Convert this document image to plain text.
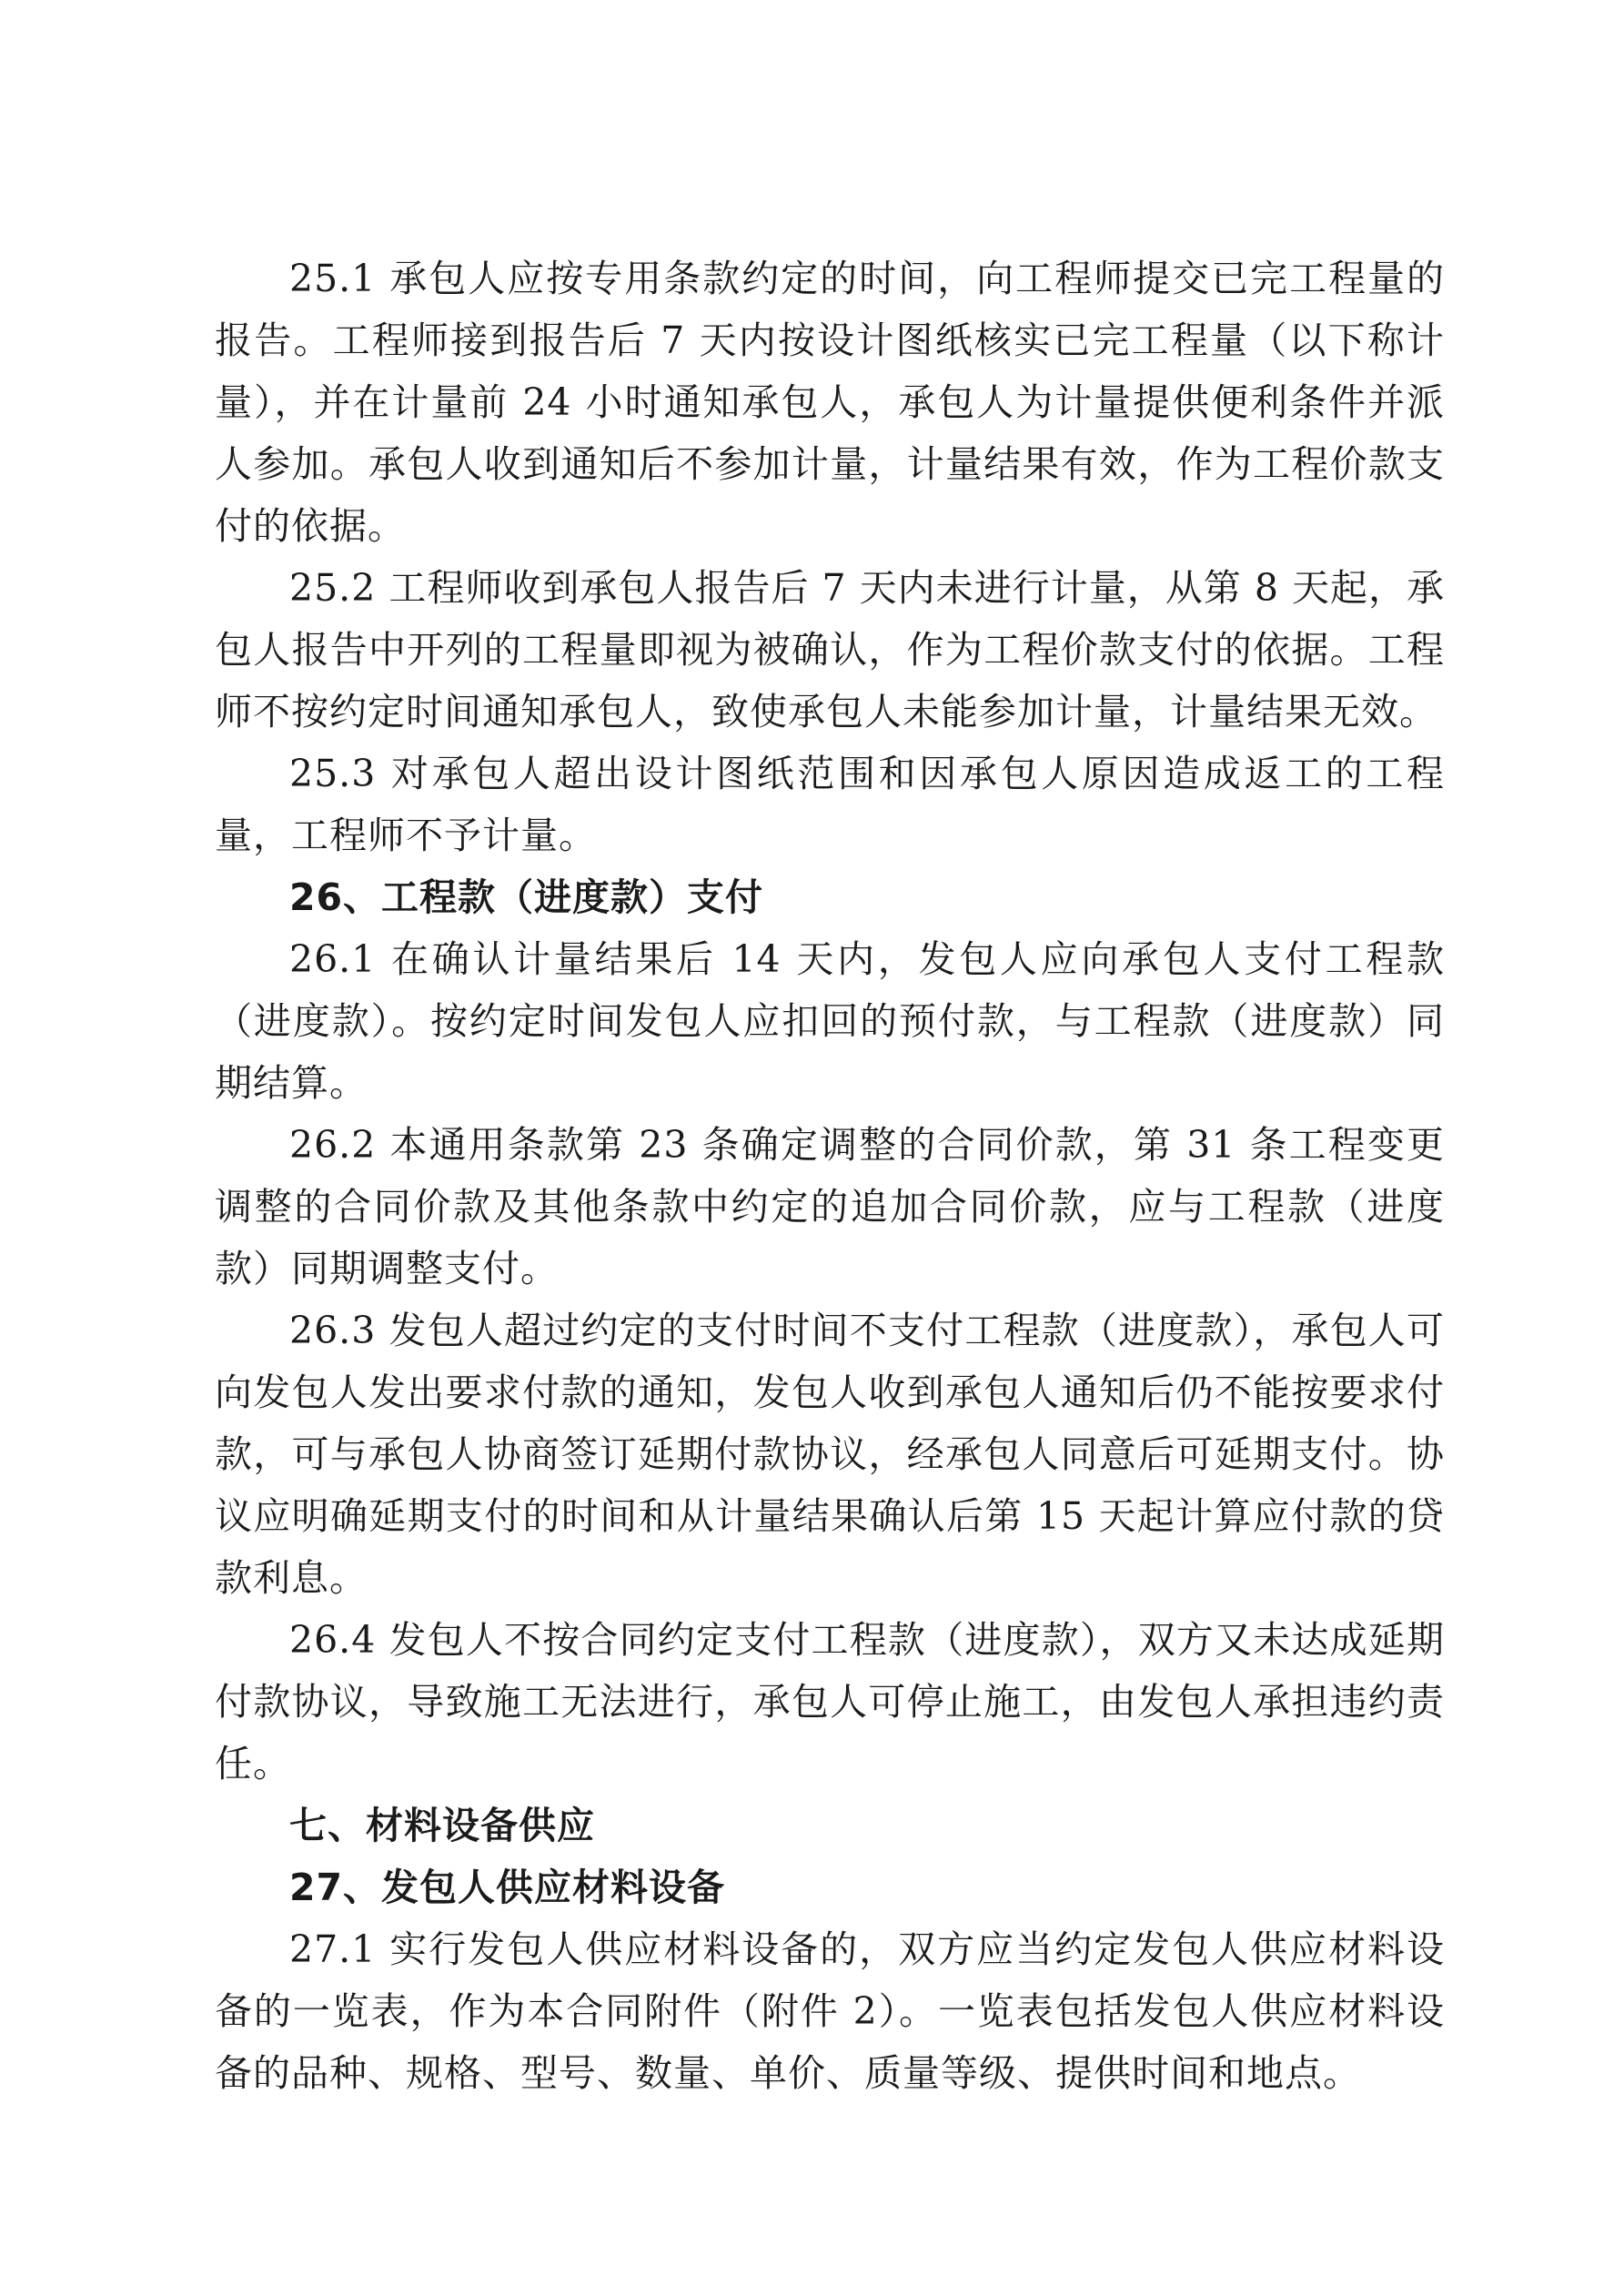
25.1 承包人应按专用条款约定的时间，向工程师提交已完工程量的报告。工程师接到报告后 7 天内按设计图纸核实已完工程量（以下称计量），并在计量前 24 小时通知承包人，承包人为计量提供便利条件并派人参加。承包人收到通知后不参加计量，计量结果有效，作为工程价款支付的依据。

25.2 工程师收到承包人报告后 7 天内未进行计量，从第 8 天起，承包人报告中开列的工程量即视为被确认，作为工程价款支付的依据。工程师不按约定时间通知承包人，致使承包人未能参加计量，计量结果无效。

25.3 对承包人超出设计图纸范围和因承包人原因造成返工的工程量，工程师不予计量。

26、工程款（进度款）支付

26.1 在确认计量结果后 14 天内，发包人应向承包人支付工程款（进度款）。按约定时间发包人应扣回的预付款，与工程款（进度款）同期结算。

26.2 本通用条款第 23 条确定调整的合同价款，第 31 条工程变更调整的合同价款及其他条款中约定的追加合同价款，应与工程款（进度款）同期调整支付。

26.3 发包人超过约定的支付时间不支付工程款（进度款），承包人可向发包人发出要求付款的通知，发包人收到承包人通知后仍不能按要求付款，可与承包人协商签订延期付款协议，经承包人同意后可延期支付。协议应明确延期支付的时间和从计量结果确认后第 15 天起计算应付款的贷款利息。

26.4 发包人不按合同约定支付工程款（进度款），双方又未达成延期付款协议，导致施工无法进行，承包人可停止施工，由发包人承担违约责任。

七、材料设备供应

27、发包人供应材料设备

27.1 实行发包人供应材料设备的，双方应当约定发包人供应材料设备的一览表，作为本合同附件（附件 2）。一览表包括发包人供应材料设备的品种、规格、型号、数量、单价、质量等级、提供时间和地点。
